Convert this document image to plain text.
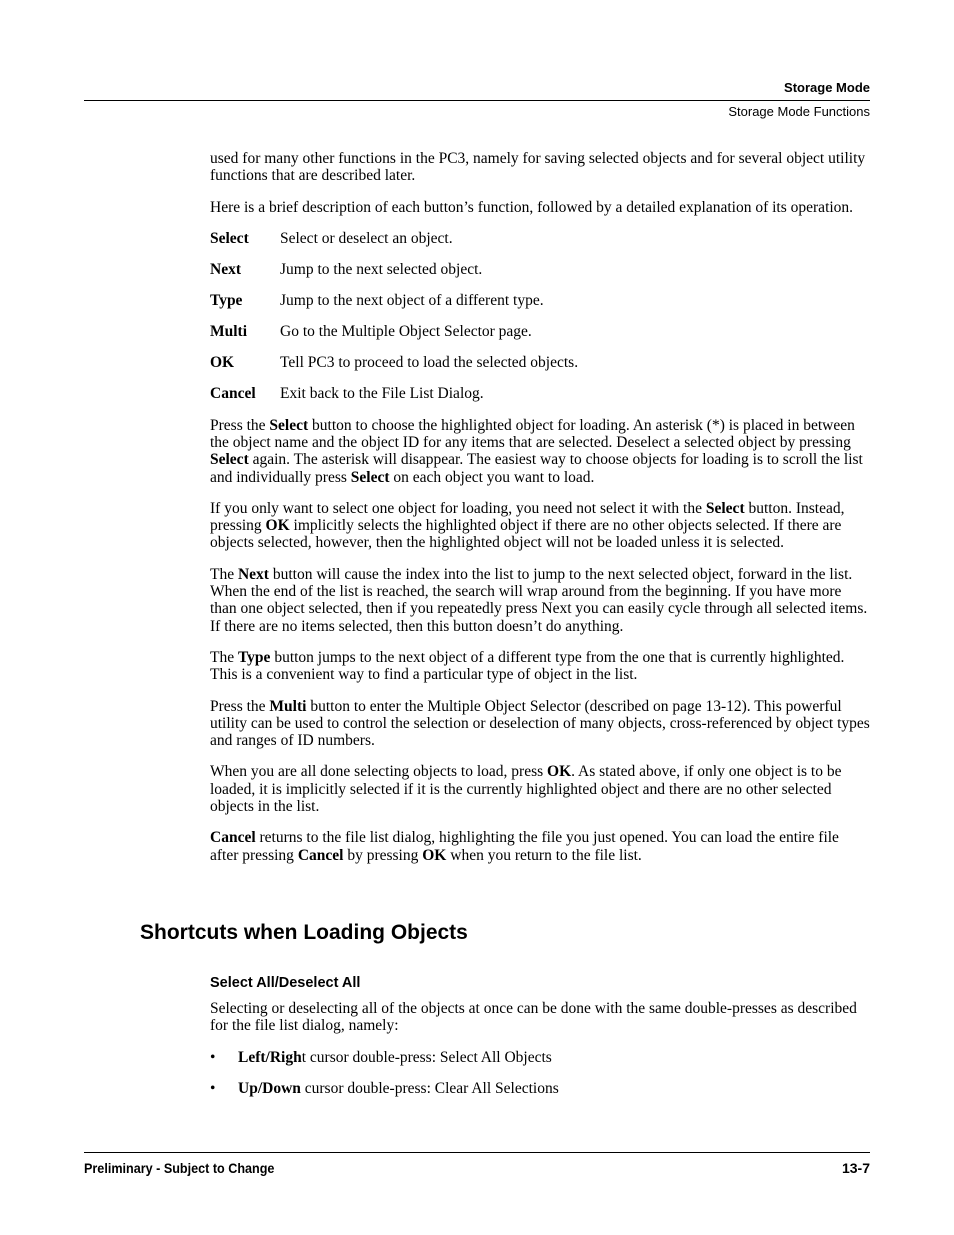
Storage Mode
Storage Mode Functions

used for many other functions in the PC3, namely for saving selected objects and for several object utility functions that are described later.

Here is a brief description of each button’s function, followed by a detailed explanation of its operation.

Select	Select or deselect an object.
Next	Jump to the next selected object.
Type	Jump to the next object of a different type.
Multi	Go to the Multiple Object Selector page.
OK	Tell PC3 to proceed to load the selected objects.
Cancel	Exit back to the File List Dialog.

Press the Select button to choose the highlighted object for loading. An asterisk (*) is placed in between the object name and the object ID for any items that are selected. Deselect a selected object by pressing Select again. The asterisk will disappear. The easiest way to choose objects for loading is to scroll the list and individually press Select on each object you want to load.

If you only want to select one object for loading, you need not select it with the Select button. Instead, pressing OK implicitly selects the highlighted object if there are no other objects selected. If there are objects selected, however, then the highlighted object will not be loaded unless it is selected.

The Next button will cause the index into the list to jump to the next selected object, forward in the list. When the end of the list is reached, the search will wrap around from the beginning. If you have more than one object selected, then if you repeatedly press Next you can easily cycle through all selected items. If there are no items selected, then this button doesn’t do anything.

The Type button jumps to the next object of a different type from the one that is currently highlighted. This is a convenient way to find a particular type of object in the list.

Press the Multi button to enter the Multiple Object Selector (described on page 13-12). This powerful utility can be used to control the selection or deselection of many objects, cross-referenced by object types and ranges of ID numbers.

When you are all done selecting objects to load, press OK. As stated above, if only one object is to be loaded, it is implicitly selected if it is the currently highlighted object and there are no other selected objects in the list.

Cancel returns to the file list dialog, highlighting the file you just opened. You can load the entire file after pressing Cancel by pressing OK when you return to the file list.

Shortcuts when Loading Objects
Select All/Deselect All

Selecting or deselecting all of the objects at once can be done with the same double-presses as described for the file list dialog, namely:

•	Left/Right cursor double-press: Select All Objects
•	Up/Down cursor double-press: Clear All Selections
Preliminary - Subject to Change	13-7
